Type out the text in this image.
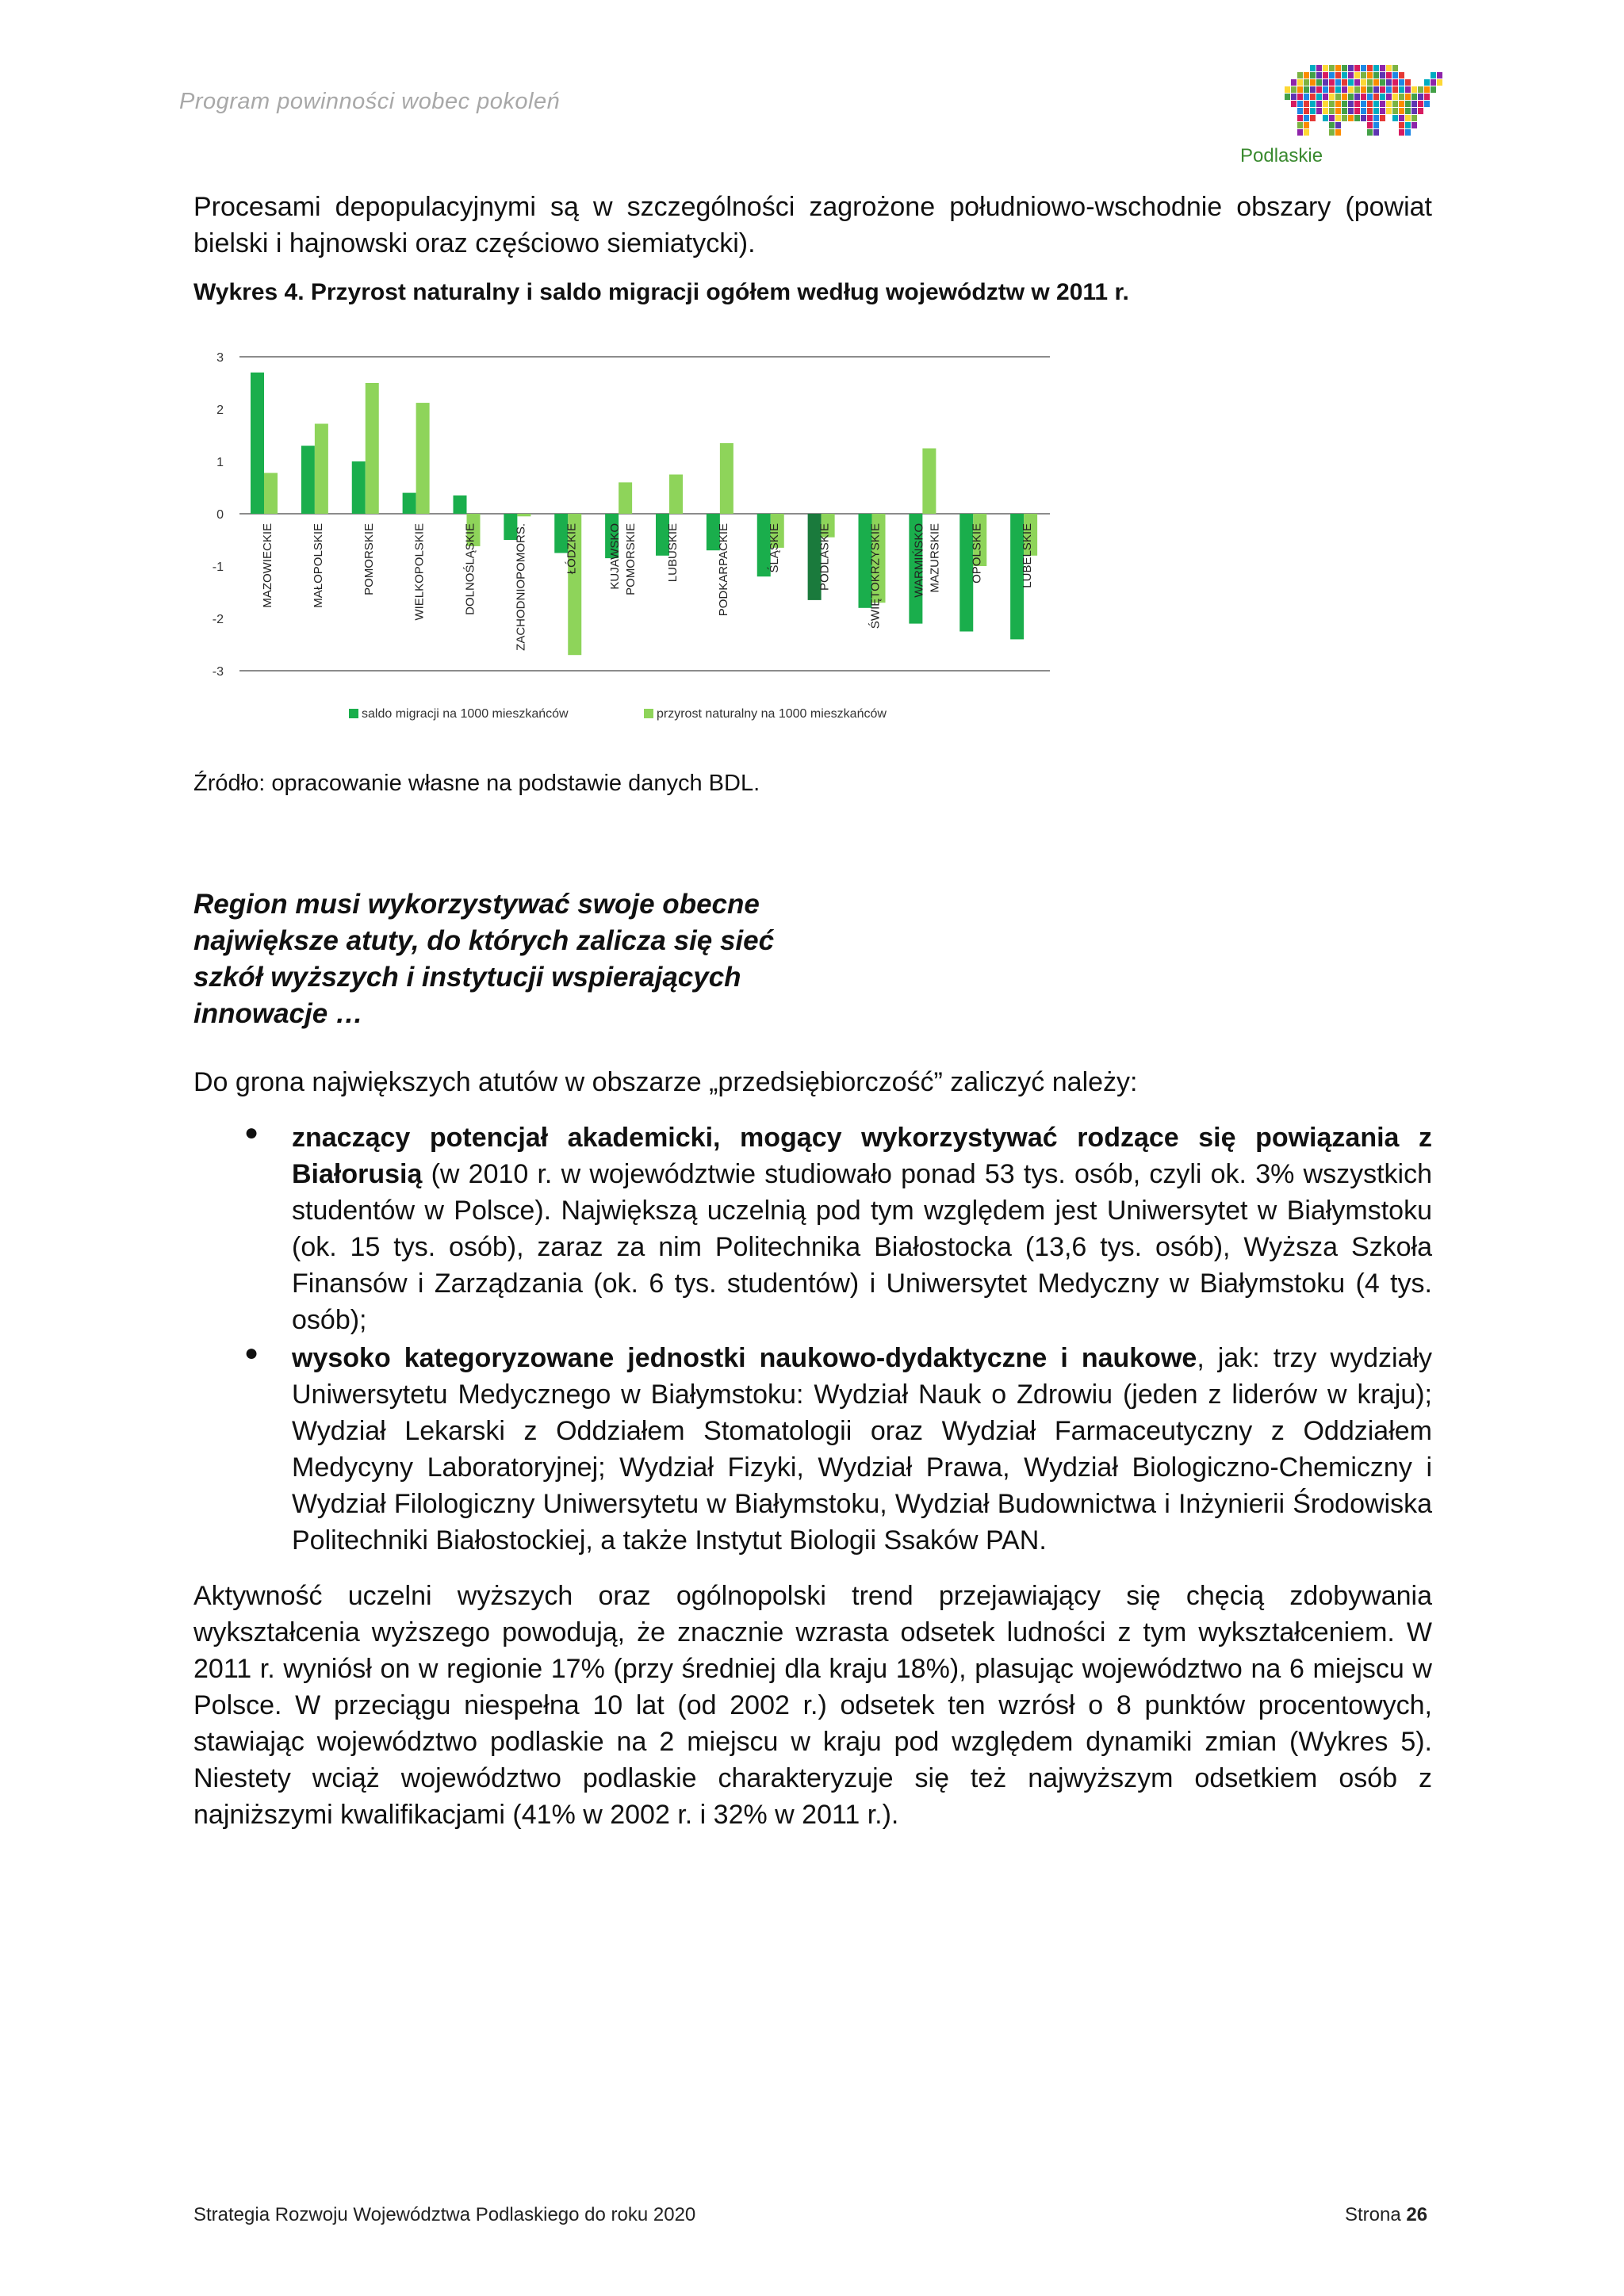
Program powinności wobec pokoleń
Podlaskie
Procesami depopulacyjnymi są w szczególności zagrożone południowo-wschodnie obszary (powiat bielski i hajnowski oraz częściowo siemiatycki).
Wykres 4. Przyrost naturalny i saldo migracji ogółem według województw w 2011 r.
3
2
1
0
-1
-2
-3
MAZOWIECKIE	MAŁOPOLSKIE	POMORSKIE	WIELKOPOLSKIE	DOLNOŚLĄSKIE	ZACHODNIOPOMORS.	ŁÓDZKIE	KUJAWSKO POMORSKIE LUBUSKIE	PODKARPACKIE	ŚLĄSKIE	PODLASKIE	ŚWIĘTOKRZYSKIE	WARMIŃSKO MAZURSKIE OPOLSKIE	LUBELSKIE
saldo migracji na 1000 mieszkańców	przyrost naturalny na 1000 mieszkańców
Źródło: opracowanie własne na podstawie danych BDL.
Region musi wykorzystywać swoje obecne największe atuty, do których zalicza się sieć szkół wyższych i instytucji wspierających innowacje …
Do grona największych atutów w obszarze „przedsiębiorczość” zaliczyć należy:
●	znaczący potencjał akademicki, mogący wykorzystywać rodzące się powiązania z Białorusią (w 2010 r. w województwie studiowało ponad 53 tys. osób, czyli ok. 3% wszystkich studentów w Polsce). Największą uczelnią pod tym względem jest Uniwersytet w Białymstoku (ok. 15 tys. osób), zaraz za nim Politechnika Białostocka (13,6 tys. osób), Wyższa Szkoła Finansów i Zarządzania (ok. 6 tys. studentów) i Uniwersytet Medyczny w Białymstoku (4 tys. osób);
●	wysoko kategoryzowane jednostki naukowo-dydaktyczne i naukowe, jak: trzy wydziały Uniwersytetu Medycznego w Białymstoku: Wydział Nauk o Zdrowiu (jeden z liderów w kraju); Wydział Lekarski z Oddziałem Stomatologii oraz Wydział Farmaceutyczny z Oddziałem Medycyny Laboratoryjnej; Wydział Fizyki, Wydział Prawa, Wydział Biologiczno-Chemiczny i Wydział Filologiczny Uniwersytetu w Białymstoku, Wydział Budownictwa i Inżynierii Środowiska Politechniki Białostockiej, a także Instytut Biologii Ssaków PAN.
Aktywność uczelni wyższych oraz ogólnopolski trend przejawiający się chęcią zdobywania wykształcenia wyższego powodują, że znacznie wzrasta odsetek ludności z tym wykształceniem. W 2011 r. wyniósł on w regionie 17% (przy średniej dla kraju 18%), plasując województwo na 6 miejscu w Polsce. W przeciągu niespełna 10 lat (od 2002 r.) odsetek ten wzrósł o 8 punktów procentowych, stawiając województwo podlaskie na 2 miejscu w kraju pod względem dynamiki zmian (Wykres 5). Niestety wciąż województwo podlaskie charakteryzuje się też najwyższym odsetkiem osób z najniższymi kwalifikacjami (41% w 2002 r. i 32% w 2011 r.).
Strategia Rozwoju Województwa Podlaskiego do roku 2020	Strona 26
